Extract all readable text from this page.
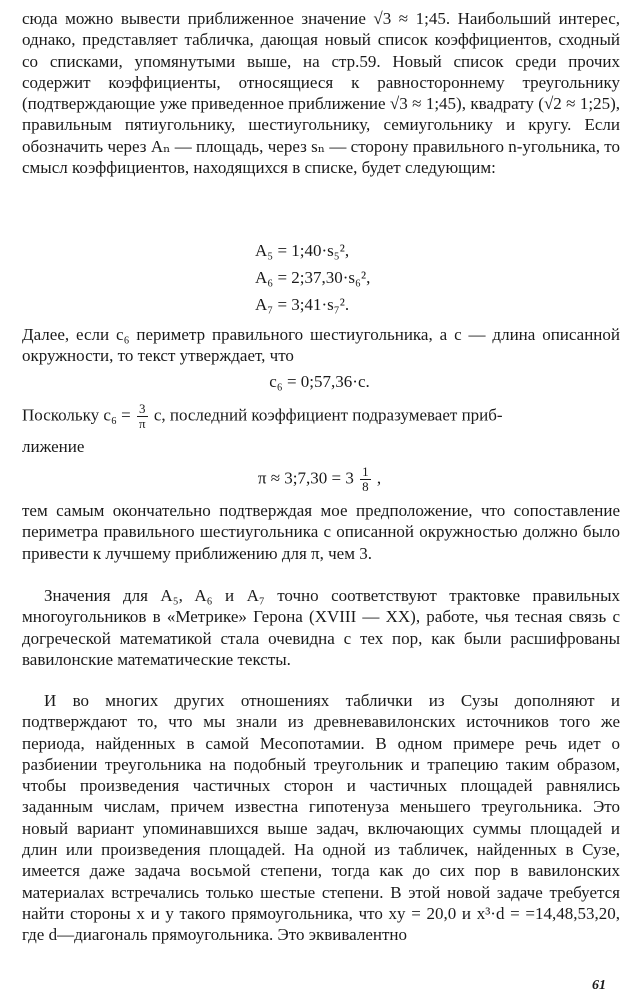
сюда можно вывести приближенное значение √3 ≈ 1;45. Наибольший интерес, однако, представляет табличка, дающая новый список коэффициентов, сходный со списками, упомянутыми выше, на стр.59. Новый список среди прочих содержит коэффициенты, относящиеся к равностороннему треугольнику (подтверждающие уже приведенное приближение √3 ≈ 1;45), квадрату (√2 ≈ 1;25), правильным пятиугольнику, шестиугольнику, семиугольнику и кругу. Если обозначить через Aₙ — площадь, через sₙ — сторону правильного n-угольника, то смысл коэффициентов, находящихся в списке, будет следующим:
A₅ = 1;40·s₅²,
A₆ = 2;37,30·s₆²,
A₇ = 3;41·s₇².
Далее, если c₆ периметр правильного шестиугольника, а c — длина описанной окружности, то текст утверждает, что
c₆ = 0;57,36·c.
Поскольку $c_6 = \frac{3}{\pi} c$, последний коэффициент подразумевает приб-
лижение
π ≈ 3;7,30 = $3 \frac{1}{8}$ ,
тем самым окончательно подтверждая мое предположение, что сопоставление периметра правильного шестиугольника с описанной окружностью должно было привести к лучшему приближению для π, чем 3.
Значения для A₅, A₆ и A₇ точно соответствуют трактовке правильных многоугольников в «Метрике» Герона (XVIII — XX), работе, чья тесная связь с догреческой математикой стала очевидна с тех пор, как были расшифрованы вавилонские математические тексты.
И во многих других отношениях таблички из Сузы дополняют и подтверждают то, что мы знали из древневавилонских источников того же периода, найденных в самой Месопотамии. В одном примере речь идет о разбиении треугольника на подобный треугольник и трапецию таким образом, чтобы произведения частичных сторон и частичных площадей равнялись заданным числам, причем известна гипотенуза меньшего треугольника. Это новый вариант упоминавшихся выше задач, включающих суммы площадей и длин или произведения площадей. На одной из табличек, найденных в Сузе, имеется даже задача восьмой степени, тогда как до сих пор в вавилонских материалах встречались только шестые степени. В этой новой задаче требуется найти стороны x и y такого прямоугольника, что xy = 20,0 и x³·d = =14,48,53,20, где d—диагональ прямоугольника. Это эквивалентно
61
